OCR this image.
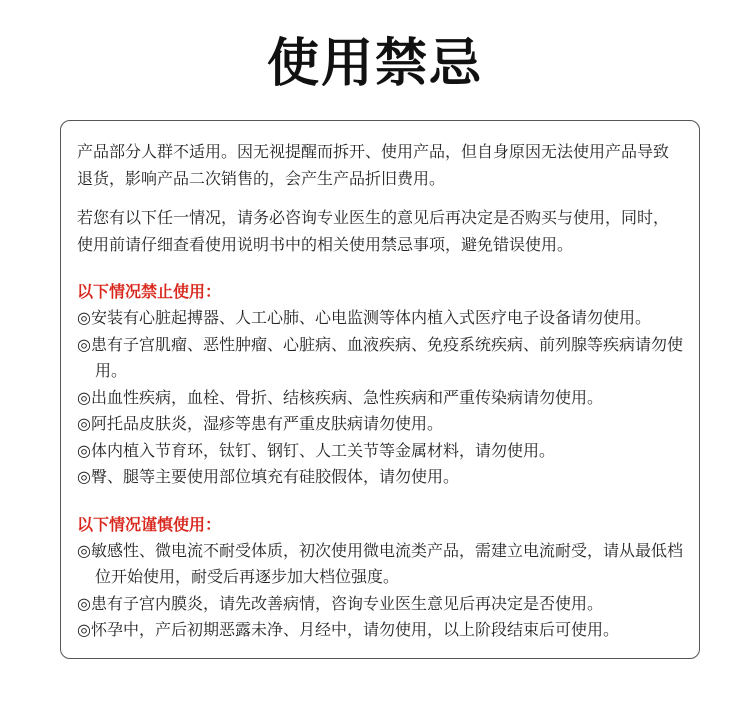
使用禁忌

产品部分人群不适用。因无视提醒而拆开、使用产品，但自身原因无法使用产品导致退货，影响产品二次销售的，会产生产品折旧费用。

若您有以下任一情况，请务必咨询专业医生的意见后再决定是否购买与使用，同时，使用前请仔细查看使用说明书中的相关使用禁忌事项，避免错误使用。

以下情况禁止使用：
◎安装有心脏起搏器、人工心肺、心电监测等体内植入式医疗电子设备请勿使用。
◎患有子宫肌瘤、恶性肿瘤、心脏病、血液疾病、免疫系统疾病、前列腺等疾病请勿使用。
◎出血性疾病，血栓、骨折、结核疾病、急性疾病和严重传染病请勿使用。
◎阿托品皮肤炎，湿疹等患有严重皮肤病请勿使用。
◎体内植入节育环，钛钉、钢钉、人工关节等金属材料，请勿使用。
◎臀、腿等主要使用部位填充有硅胶假体，请勿使用。
以下情况谨慎使用：
◎敏感性、微电流不耐受体质，初次使用微电流类产品，需建立电流耐受，请从最低档位开始使用，耐受后再逐步加大档位强度。
◎患有子宫内膜炎，请先改善病情，咨询专业医生意见后再决定是否使用。
◎怀孕中，产后初期恶露未净、月经中，请勿使用，以上阶段结束后可使用。
